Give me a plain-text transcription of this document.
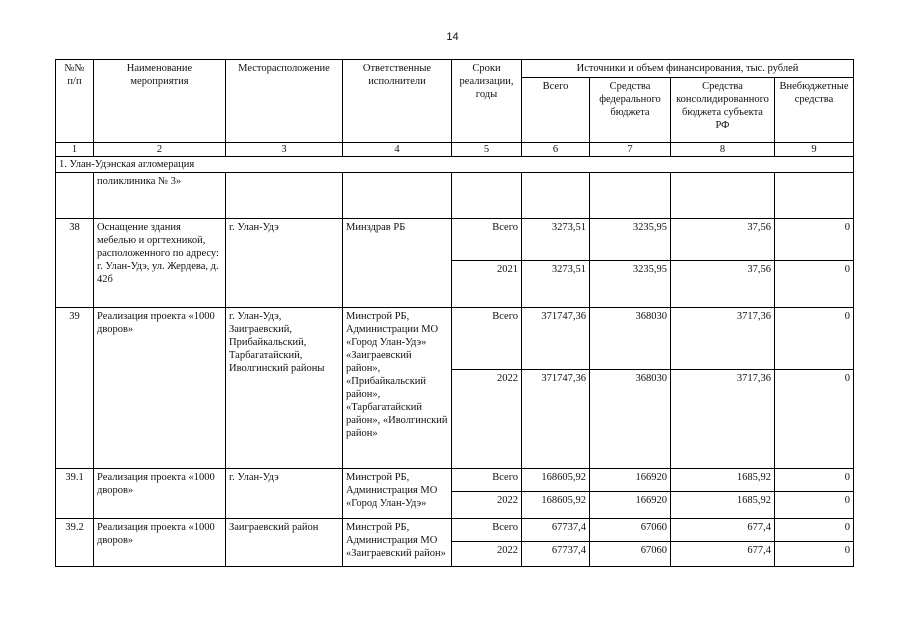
14
№№ п/п	Наименование мероприятия	Месторасположение	Ответственные исполнители	Сроки реализации, годы	Источники и объем финансирования, тыс. рублей			
					Всего	Средства федерального бюджета	Средства консолидированного бюджета субъекта РФ	Внебюджетные средства
1	2	3	4	5	6	7	8	9
1. Улан-Удэнская агломерация								
	поликлиника № 3»							
38	Оснащение здания мебелью и оргтехникой, расположенного по адресу: г. Улан-Удэ, ул. Жердева, д. 42б	г. Улан-Удэ	Минздрав РБ	Всего	3273,51	3235,95	37,56	0
				2021	3273,51	3235,95	37,56	0
39	Реализация проекта «1000 дворов»	г. Улан-Удэ, Заиграевский, Прибайкальский, Тарбагатайский, Иволгинский районы	Минстрой РБ, Администрации МО «Город Улан-Удэ» «Заиграевский район», «Прибайкальский район», «Тарбагатайский район», «Иволгинский район»	Всего	371747,36	368030	3717,36	0
				2022	371747,36	368030	3717,36	0
39.1	Реализация проекта «1000 дворов»	г. Улан-Удэ	Минстрой РБ, Администрация МО «Город Улан-Удэ»	Всего	168605,92	166920	1685,92	0
				2022	168605,92	166920	1685,92	0
39.2	Реализация проекта «1000 дворов»	Заиграевский район	Минстрой РБ, Администрация МО «Заиграевский район»	Всего	67737,4	67060	677,4	0
				2022	67737,4	67060	677,4	0
